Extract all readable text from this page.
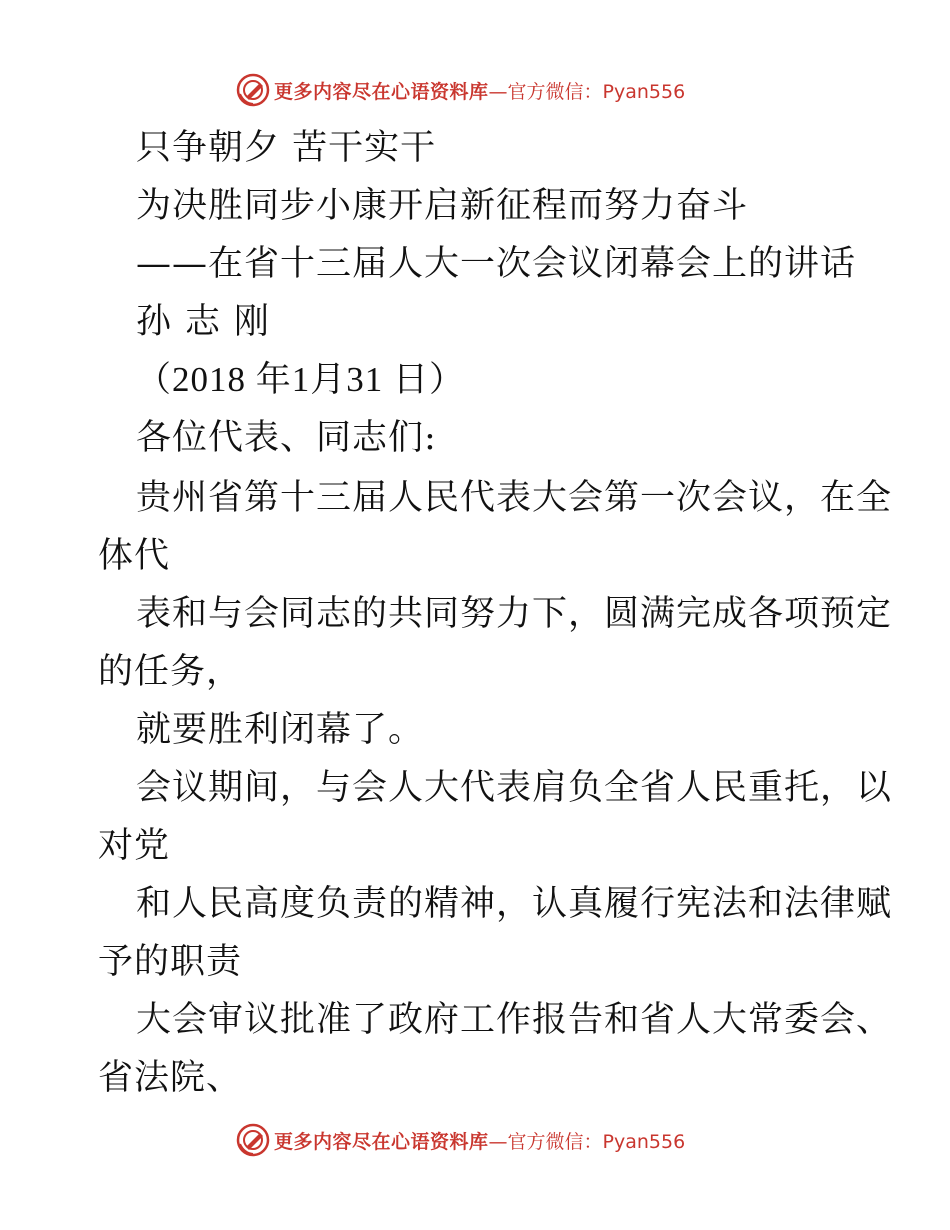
更多内容尽在心语资料库 —官方微信：Pyan556
只争朝夕 苦干实干
为决胜同步小康开启新征程而努力奋斗
——在省十三届人大一次会议闭幕会上的讲话
孙志刚
（2018 年1月31 日）
各位代表、同志们:
贵州省第十三届人民代表大会第一次会议，在全
体代
表和与会同志的共同努力下，圆满完成各项预定
的任务，
就要胜利闭幕了。
会议期间，与会人大代表肩负全省人民重托，以
对党
和人民高度负责的精神，认真履行宪法和法律赋
予的职责
大会审议批准了政府工作报告和省人大常委会、
省法院、
更多内容尽在心语资料库 —官方微信：Pyan556
